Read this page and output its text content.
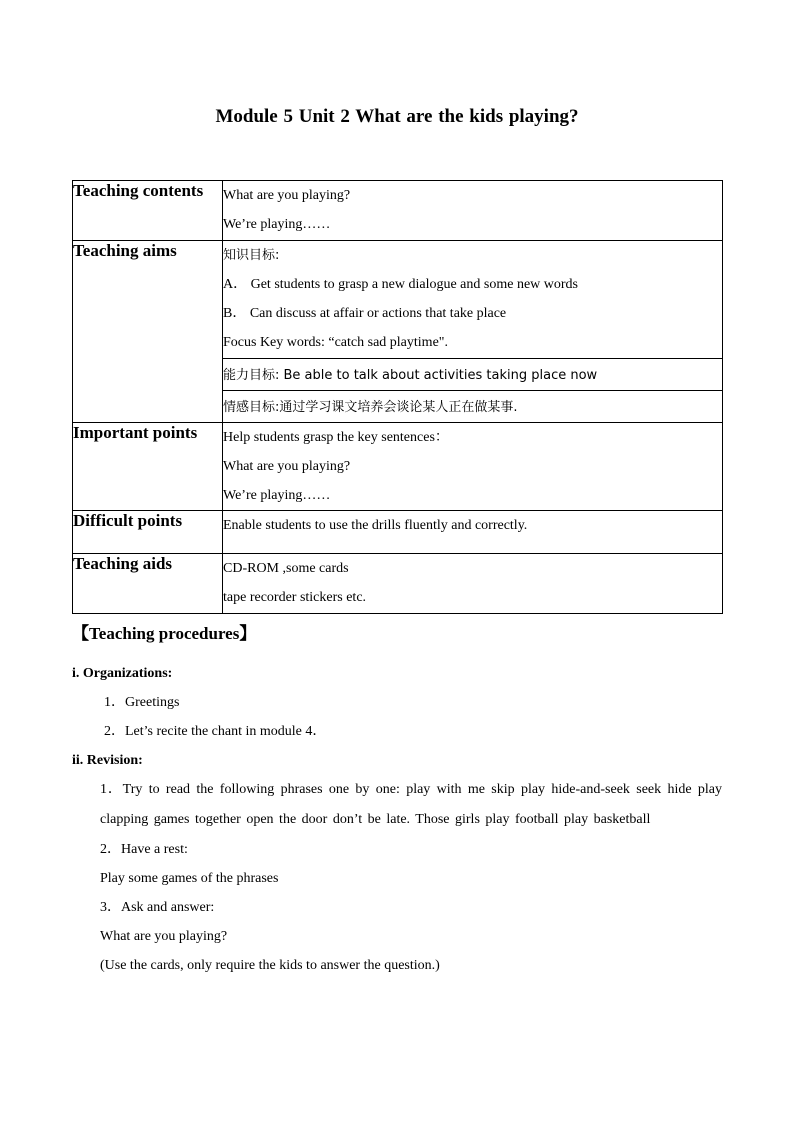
Module 5 Unit 2 What are the kids playing?
Teaching contents	What are you playing?
We’re playing……

Teaching aims	知识目标:
A． Get students to grasp a new dialogue and some new words
B． Can discuss at affair or actions that take place
Focus Key words: “catch sad playtime".

	能力目标: Be able to talk about activities taking place now

	情感目标:通过学习课文培养会谈论某人正在做某事.

Important points	Help students grasp the key sentences：
What are you playing?
We’re playing……

Difficult points	Enable students to use the drills fluently and correctly.

Teaching aids	CD-ROM ,some cards
tape recorder stickers etc.
【Teaching procedures】
i. Organizations:
1．Greetings
2．Let’s recite the chant in module 4．
ii. Revision:
1．Try to read the following phrases one by one: play with me skip play hide-and-seek seek hide play clapping games together open the door don’t be late. Those girls play football play basketball
2．Have a rest:
Play some games of the phrases
3．Ask and answer:
What are you playing?
(Use the cards, only require the kids to answer the question.)
